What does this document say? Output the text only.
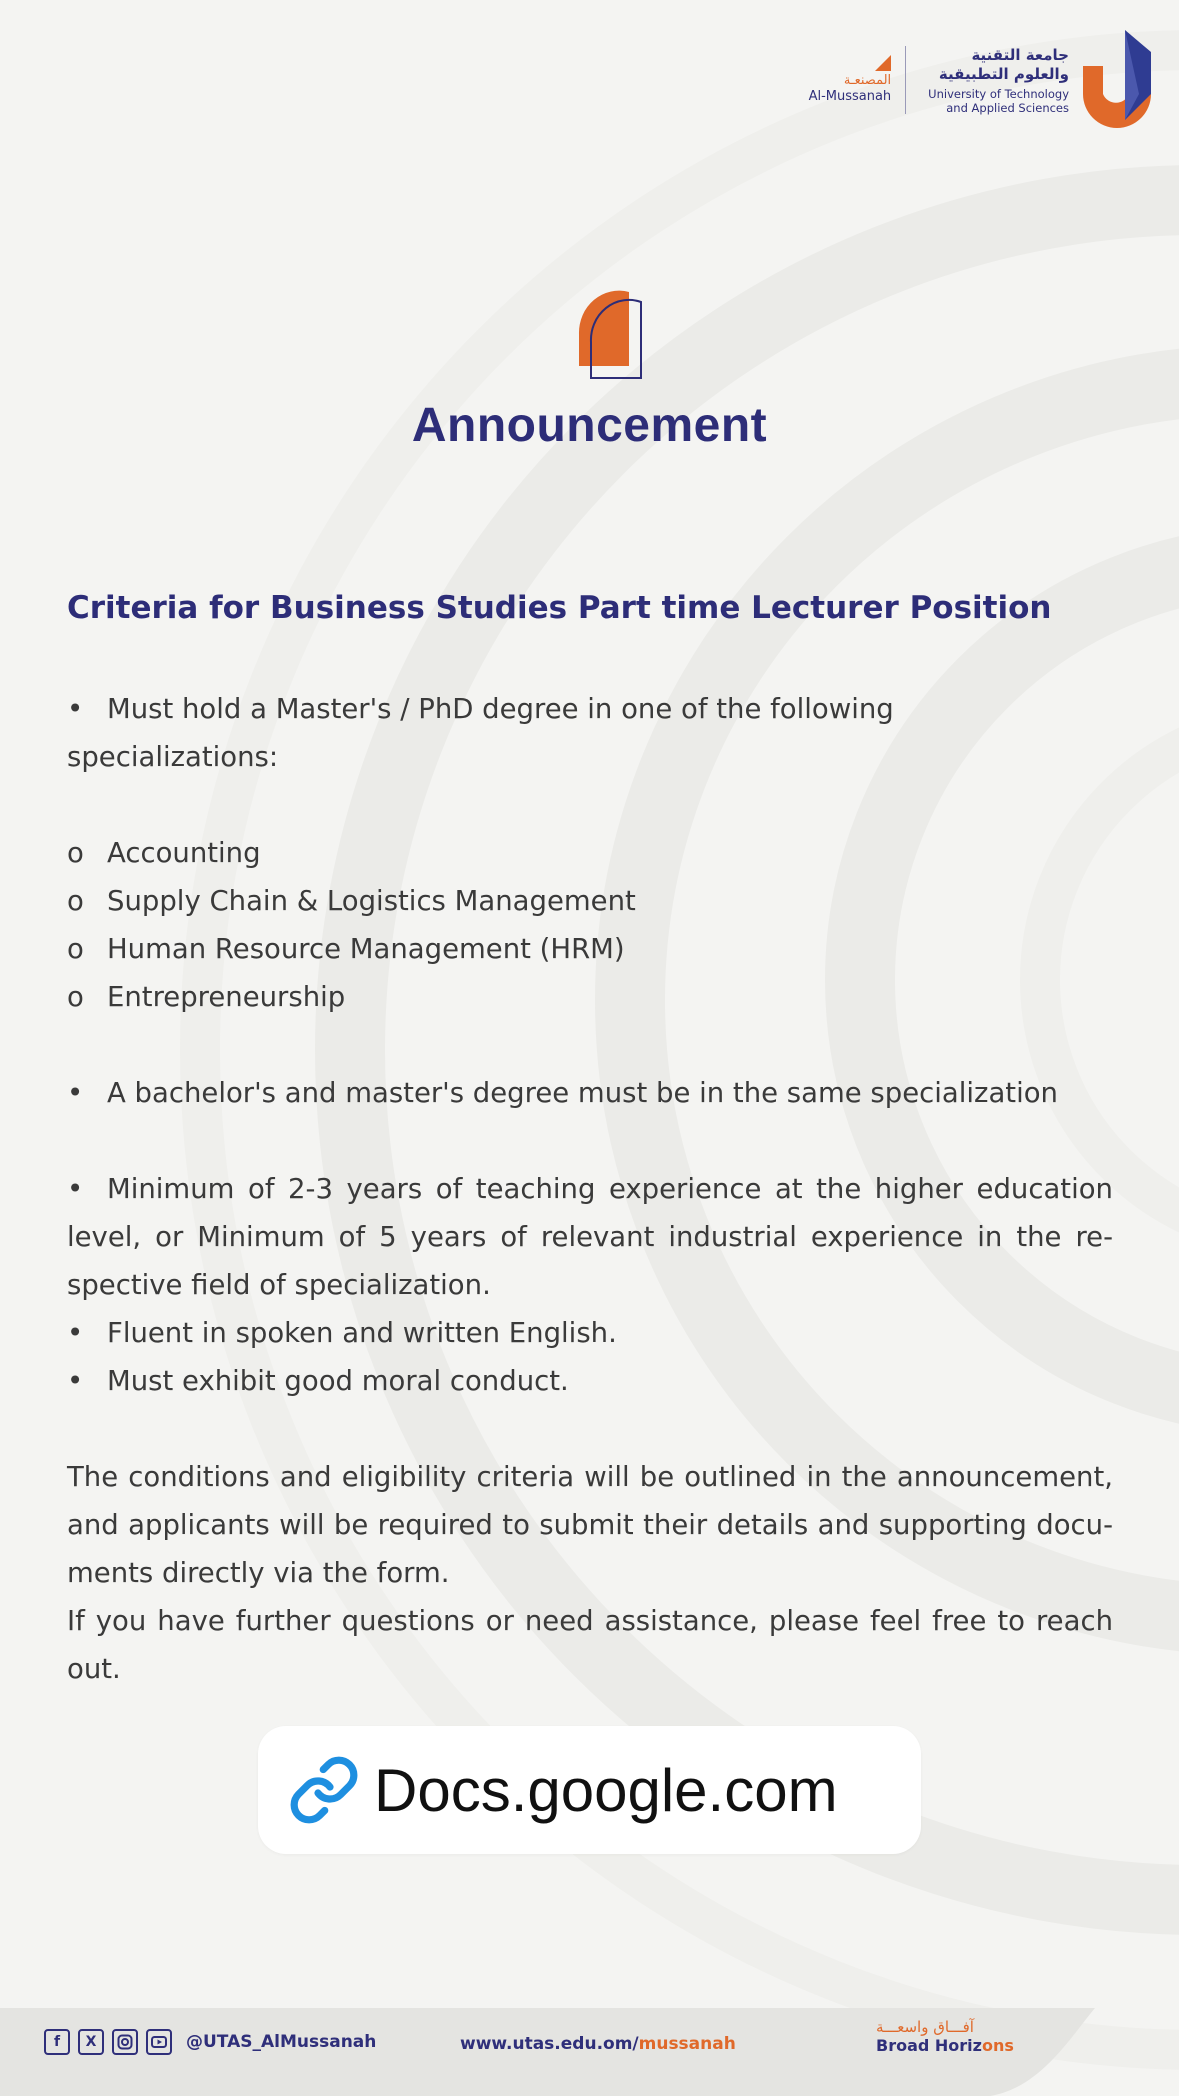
المصنعـة
Al-Mussanah
جامعة التقنية
والعلوم التطبيقية
University of Technology
and Applied Sciences
Announcement
Criteria for Business Studies Part time Lecturer Position

• Must hold a Master's / PhD degree in one of the following

specializations:

o Accounting

o Supply Chain & Logistics Management

o Human Resource Management (HRM)

o Entrepreneurship

• A bachelor's and master's degree must be in the same specialization

• Minimum of 2-3 years of teaching experience at the higher education level, or Minimum of 5 years of relevant industrial experience in the re-spective field of specialization.

• Fluent in spoken and written English.

• Must exhibit good moral conduct.

The conditions and eligibility criteria will be outlined in the announcement, and applicants will be required to submit their details and supporting docu-ments directly via the form.

If you have further questions or need assistance, please feel free to reach out.

Docs.google.com
f	X	@UTAS_AlMussanah	www.utas.edu.om/mussanah
آفـــاق واسعـــة
Broad Horizons
